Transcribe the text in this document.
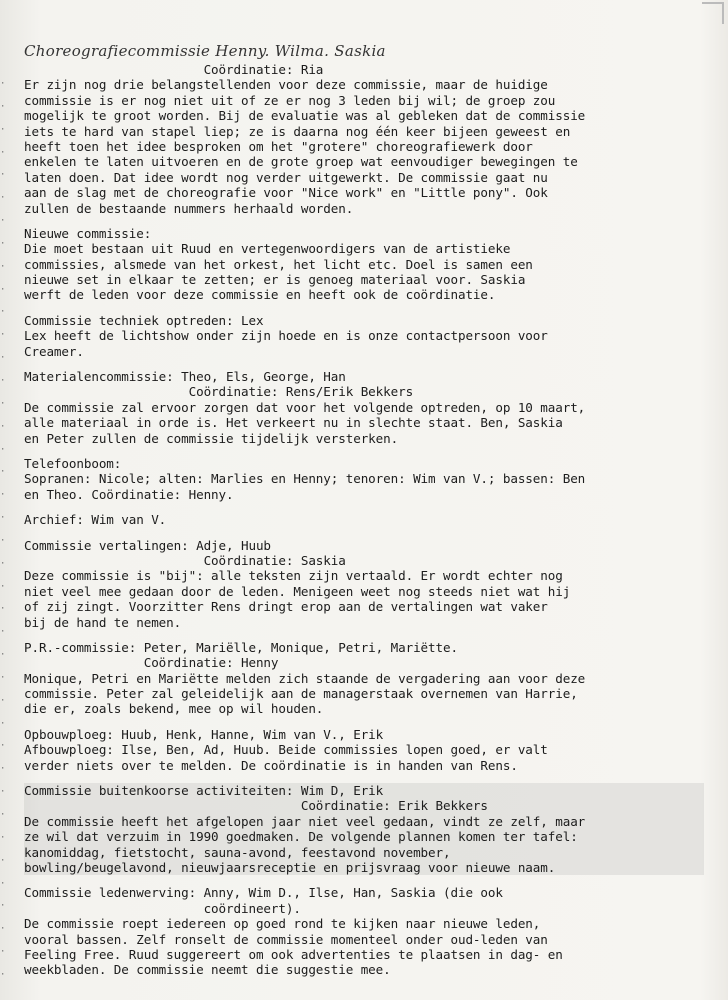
·
·
·
·
·
·
·
·
·
·
·
·
·
·
·
·
·
·
·
·
·
·
·
·
·
·
·
·
·
·
·
·
·
·
·
·
·
·
·
·
Choreografiecommissie Henny. Wilma. Saskia
Coördinatie: Ria
Er zijn nog drie belangstellenden voor deze commissie, maar de huidige
commissie is er nog niet uit of ze er nog 3 leden bij wil; de groep zou
mogelijk te groot worden. Bij de evaluatie was al gebleken dat de commissie
iets te hard van stapel liep; ze is daarna nog één keer bijeen geweest en
heeft toen het idee besproken om het "grotere" choreografiewerk door
enkelen te laten uitvoeren en de grote groep wat eenvoudiger bewegingen te
laten doen. Dat idee wordt nog verder uitgewerkt. De commissie gaat nu
aan de slag met de choreografie voor "Nice work" en "Little pony". Ook
zullen de bestaande nummers herhaald worden.
Nieuwe commissie:
Die moet bestaan uit Ruud en vertegenwoordigers van de artistieke
commissies, alsmede van het orkest, het licht etc. Doel is samen een
nieuwe set in elkaar te zetten; er is genoeg materiaal voor. Saskia
werft de leden voor deze commissie en heeft ook de coördinatie.
Commissie techniek optreden: Lex
Lex heeft de lichtshow onder zijn hoede en is onze contactpersoon voor
Creamer.
Materialencommissie: Theo, Els, George, Han
Coördinatie: Rens/Erik Bekkers
De commissie zal ervoor zorgen dat voor het volgende optreden, op 10 maart,
alle materiaal in orde is. Het verkeert nu in slechte staat. Ben, Saskia
en Peter zullen de commissie tijdelijk versterken.
Telefoonboom:
Sopranen: Nicole; alten: Marlies en Henny; tenoren: Wim van V.; bassen: Ben
en Theo. Coördinatie: Henny.
Archief: Wim van V.
Commissie vertalingen: Adje, Huub
Coördinatie: Saskia
Deze commissie is "bij": alle teksten zijn vertaald. Er wordt echter nog
niet veel mee gedaan door de leden. Menigeen weet nog steeds niet wat hij
of zij zingt. Voorzitter Rens dringt erop aan de vertalingen wat vaker
bij de hand te nemen.
P.R.-commissie: Peter, Mariëlle, Monique, Petri, Mariëtte.
Coördinatie: Henny
Monique, Petri en Mariëtte melden zich staande de vergadering aan voor deze
commissie. Peter zal geleidelijk aan de managerstaak overnemen van Harrie,
die er, zoals bekend, mee op wil houden.
Opbouwploeg: Huub, Henk, Hanne, Wim van V., Erik
Afbouwploeg: Ilse, Ben, Ad, Huub. Beide commissies lopen goed, er valt
verder niets over te melden. De coördinatie is in handen van Rens.
Commissie buitenkoorse activiteiten: Wim D, Erik
Coördinatie: Erik Bekkers
De commissie heeft het afgelopen jaar niet veel gedaan, vindt ze zelf, maar
ze wil dat verzuim in 1990 goedmaken. De volgende plannen komen ter tafel:
kanomiddag, fietstocht, sauna-avond, feestavond november,
bowling/beugelavond, nieuwjaarsreceptie en prijsvraag voor nieuwe naam.
Commissie ledenwerving: Anny, Wim D., Ilse, Han, Saskia (die ook
coördineert).
De commissie roept iedereen op goed rond te kijken naar nieuwe leden,
vooral bassen. Zelf ronselt de commissie momenteel onder oud-leden van
Feeling Free. Ruud suggereert om ook advertenties te plaatsen in dag- en
weekbladen. De commissie neemt die suggestie mee.
